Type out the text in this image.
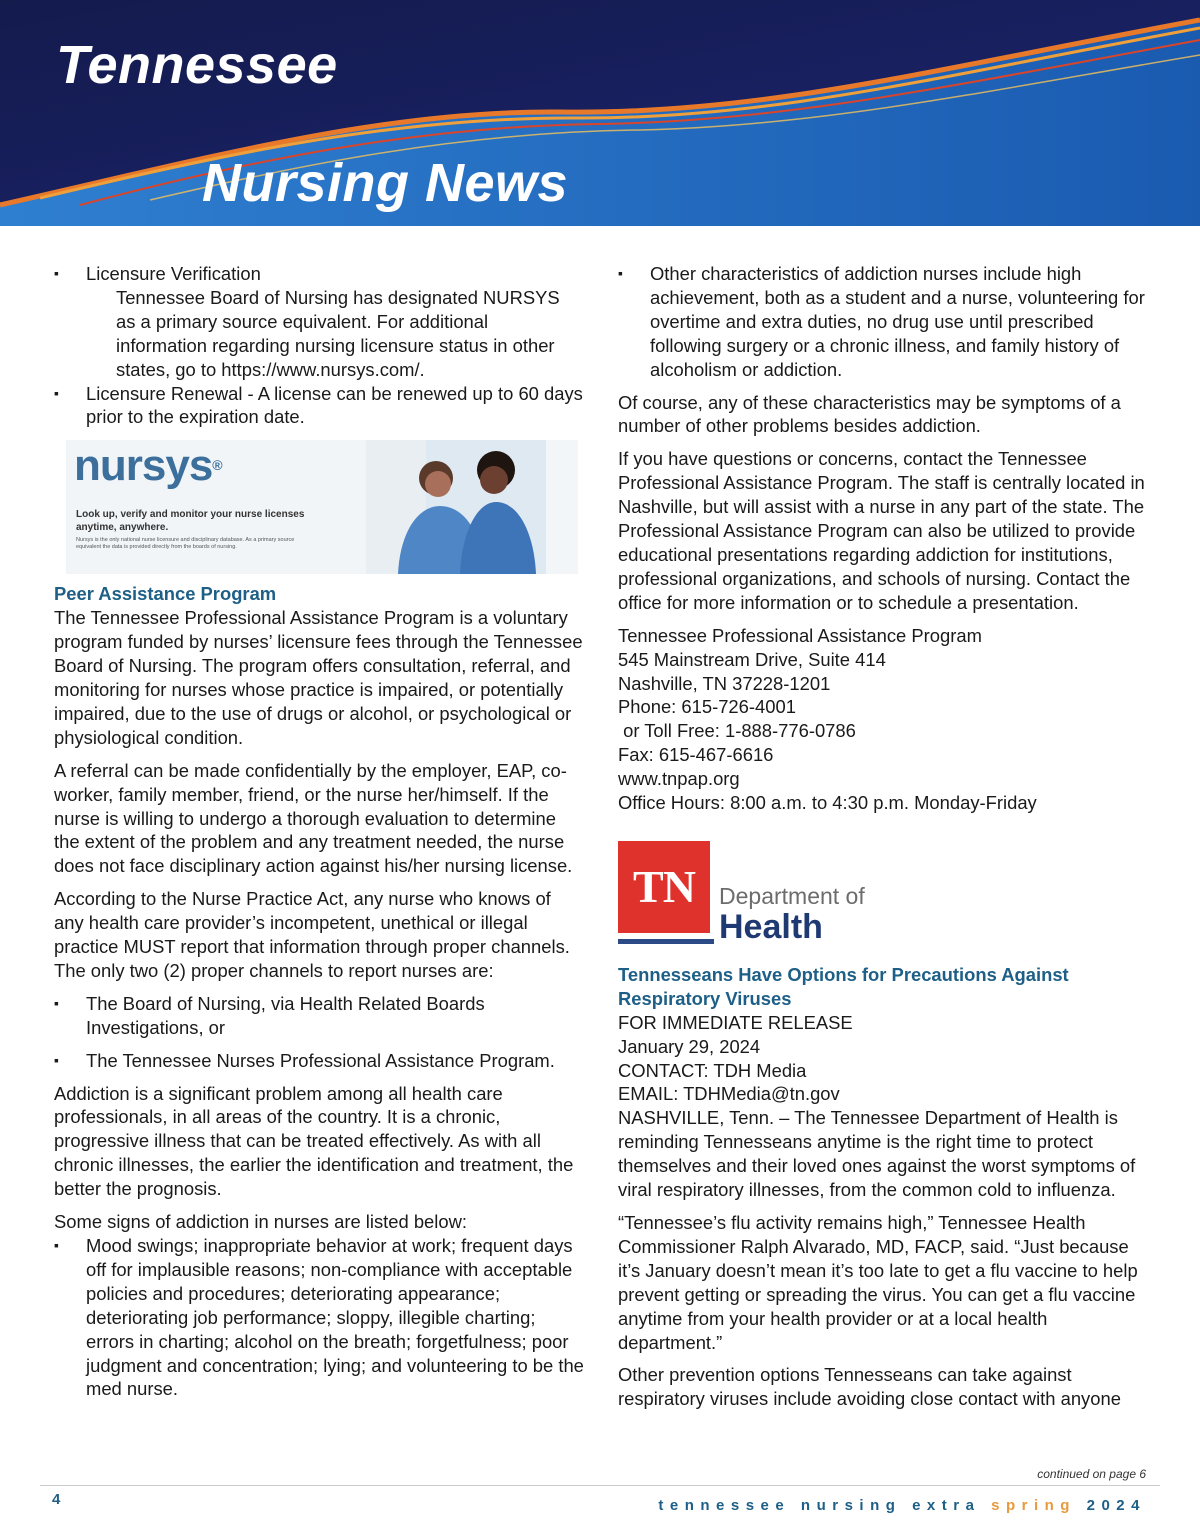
Tennessee
Nursing News
▪ Licensure Verification

Tennessee Board of Nursing has designated NURSYS as a primary source equivalent. For additional information regarding nursing licensure status in other states, go to https://www.nursys.com/.

▪ Licensure Renewal - A license can be renewed up to 60 days prior to the expiration date.
nursys®
Look up, verify and monitor your nurse licenses anytime, anywhere.
Nursys is the only national nurse licensure and disciplinary database. As a primary source equivalent the data is provided directly from the boards of nursing.

Peer Assistance Program

The Tennessee Professional Assistance Program is a voluntary program funded by nurses’ licensure fees through the Tennessee Board of Nursing. The program offers consultation, referral, and monitoring for nurses whose practice is impaired, or potentially impaired, due to the use of drugs or alcohol, or psychological or physiological condition.

A referral can be made confidentially by the employer, EAP, co-worker, family member, friend, or the nurse her/himself. If the nurse is willing to undergo a thorough evaluation to determine the extent of the problem and any treatment needed, the nurse does not face disciplinary action against his/her nursing license.

According to the Nurse Practice Act, any nurse who knows of any health care provider’s incompetent, unethical or illegal practice MUST report that information through proper channels. The only two (2) proper channels to report nurses are:

▪ The Board of Nursing, via Health Related Boards Investigations, or
▪ The Tennessee Nurses Professional Assistance Program.

Addiction is a significant problem among all health care professionals, in all areas of the country. It is a chronic, progressive illness that can be treated effectively. As with all chronic illnesses, the earlier the identification and treatment, the better the prognosis.

Some signs of addiction in nurses are listed below:

▪ Mood swings; inappropriate behavior at work; frequent days off for implausible reasons; non-compliance with acceptable policies and procedures; deteriorating appearance; deteriorating job performance; sloppy, illegible charting; errors in charting; alcohol on the breath; forgetfulness; poor judgment and concentration; lying; and volunteering to be the med nurse.
▪ Other characteristics of addiction nurses include high achievement, both as a student and a nurse, volunteering for overtime and extra duties, no drug use until prescribed following surgery or a chronic illness, and family history of alcoholism or addiction.

Of course, any of these characteristics may be symptoms of a number of other problems besides addiction.

If you have questions or concerns, contact the Tennessee Professional Assistance Program. The staff is centrally located in Nashville, but will assist with a nurse in any part of the state. The Professional Assistance Program can also be utilized to provide educational presentations regarding addiction for institutions, professional organizations, and schools of nursing. Contact the office for more information or to schedule a presentation.

Tennessee Professional Assistance Program
545 Mainstream Drive, Suite 414
Nashville, TN 37228-1201
Phone: 615-726-4001
or Toll Free: 1-888-776-0786
Fax: 615-467-6616
www.tnpap.org
Office Hours: 8:00 a.m. to 4:30 p.m. Monday-Friday
TN	Department of
Health

Tennesseans Have Options for Precautions Against Respiratory Viruses

FOR IMMEDIATE RELEASE
January 29, 2024
CONTACT: TDH Media
EMAIL: TDHMedia@tn.gov

NASHVILLE, Tenn. – The Tennessee Department of Health is reminding Tennesseans anytime is the right time to protect themselves and their loved ones against the worst symptoms of viral respiratory illnesses, from the common cold to influenza.

“Tennessee’s flu activity remains high,” Tennessee Health Commissioner Ralph Alvarado, MD, FACP, said. “Just because it’s January doesn’t mean it’s too late to get a flu vaccine to help prevent getting or spreading the virus. You can get a flu vaccine anytime from your health provider or at a local health department.”

Other prevention options Tennesseans can take against respiratory viruses include avoiding close contact with anyone

continued on page 6
4	tennessee nursing extra spring 2024
